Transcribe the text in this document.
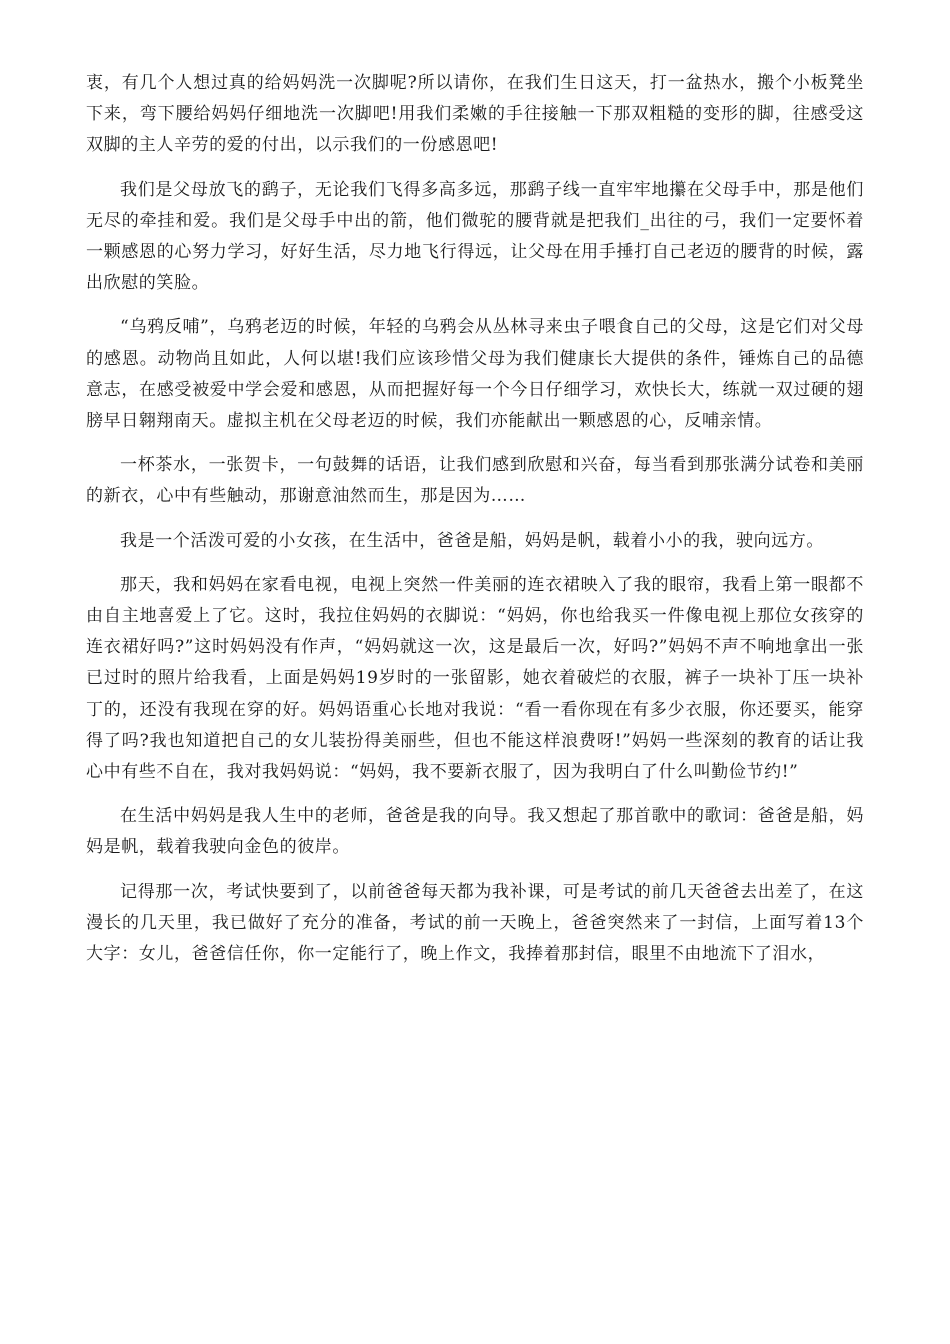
衷，有几个人想过真的给妈妈洗一次脚呢?所以请你，在我们生日这天，打一盆热水，搬个小板凳坐下来，弯下腰给妈妈仔细地洗一次脚吧!用我们柔嫩的手往接触一下那双粗糙的变形的脚，往感受这双脚的主人辛劳的爱的付出，以示我们的一份感恩吧!

我们是父母放飞的鹞子，无论我们飞得多高多远，那鹞子线一直牢牢地攥在父母手中，那是他们无尽的牵挂和爱。我们是父母手中出的箭，他们微驼的腰背就是把我们_出往的弓，我们一定要怀着一颗感恩的心努力学习，好好生活，尽力地飞行得远，让父母在用手捶打自己老迈的腰背的时候，露出欣慰的笑脸。

“乌鸦反哺”，乌鸦老迈的时候，年轻的乌鸦会从丛林寻来虫子喂食自己的父母，这是它们对父母的感恩。动物尚且如此，人何以堪!我们应该珍惜父母为我们健康长大提供的条件，锤炼自己的品德意志，在感受被爱中学会爱和感恩，从而把握好每一个今日仔细学习，欢快长大，练就一双过硬的翅膀早日翱翔南天。虚拟主机在父母老迈的时候，我们亦能献出一颗感恩的心，反哺亲情。

一杯茶水，一张贺卡，一句鼓舞的话语，让我们感到欣慰和兴奋，每当看到那张满分试卷和美丽的新衣，心中有些触动，那谢意油然而生，那是因为……

我是一个活泼可爱的小女孩，在生活中，爸爸是船，妈妈是帆，载着小小的我，驶向远方。

那天，我和妈妈在家看电视，电视上突然一件美丽的连衣裙映入了我的眼帘，我看上第一眼都不由自主地喜爱上了它。这时，我拉住妈妈的衣脚说：“妈妈，你也给我买一件像电视上那位女孩穿的连衣裙好吗?”这时妈妈没有作声，“妈妈就这一次，这是最后一次，好吗?”妈妈不声不响地拿出一张已过时的照片给我看，上面是妈妈19岁时的一张留影，她衣着破烂的衣服，裤子一块补丁压一块补丁的，还没有我现在穿的好。妈妈语重心长地对我说：“看一看你现在有多少衣服，你还要买，能穿得了吗?我也知道把自己的女儿装扮得美丽些，但也不能这样浪费呀!”妈妈一些深刻的教育的话让我心中有些不自在，我对我妈妈说：“妈妈，我不要新衣服了，因为我明白了什么叫勤俭节约!”

在生活中妈妈是我人生中的老师，爸爸是我的向导。我又想起了那首歌中的歌词：爸爸是船，妈妈是帆，载着我驶向金色的彼岸。

记得那一次，考试快要到了，以前爸爸每天都为我补课，可是考试的前几天爸爸去出差了，在这漫长的几天里，我已做好了充分的准备，考试的前一天晚上，爸爸突然来了一封信，上面写着13个大字：女儿，爸爸信任你，你一定能行了，晚上作文，我捧着那封信，眼里不由地流下了泪水，
